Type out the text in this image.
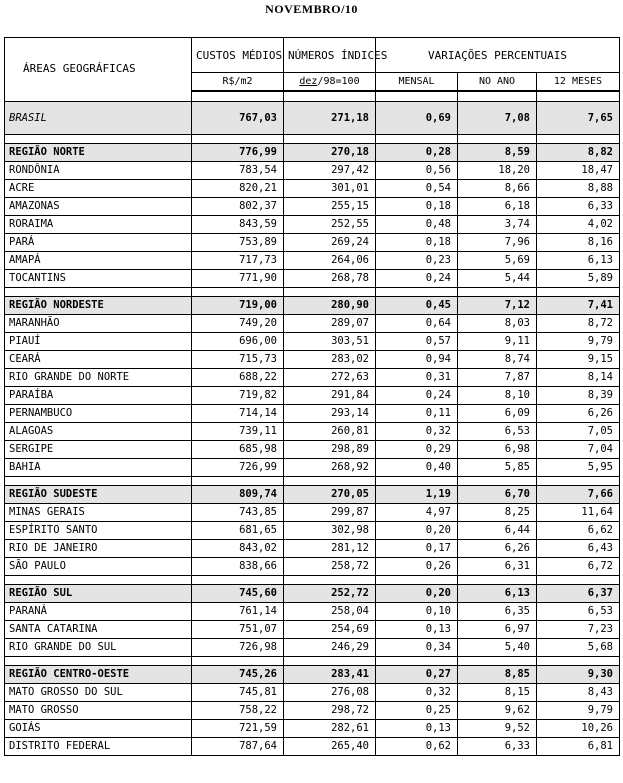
NOVEMBRO/10
ÁREAS GEOGRÁFICAS	CUSTOS MÉDIOS	NÚMEROS ÍNDICES	VARIAÇÕES PERCENTUAIS		
	R$/m2	dez/98=100	MENSAL	NO ANO	12 MESES

BRASIL	767,03	271,18	0,69	7,08	7,65

REGIÃO NORTE	776,99	270,18	0,28	8,59	8,82
RONDÔNIA	783,54	297,42	0,56	18,20	18,47
ACRE	820,21	301,01	0,54	8,66	8,88
AMAZONAS	802,37	255,15	0,18	6,18	6,33
RORAIMA	843,59	252,55	0,48	3,74	4,02
PARÁ	753,89	269,24	0,18	7,96	8,16
AMAPÁ	717,73	264,06	0,23	5,69	6,13
TOCANTINS	771,90	268,78	0,24	5,44	5,89

REGIÃO NORDESTE	719,00	280,90	0,45	7,12	7,41
MARANHÃO	749,20	289,07	0,64	8,03	8,72
PIAUÍ	696,00	303,51	0,57	9,11	9,79
CEARÁ	715,73	283,02	0,94	8,74	9,15
RIO GRANDE DO NORTE	688,22	272,63	0,31	7,87	8,14
PARAÍBA	719,82	291,84	0,24	8,10	8,39
PERNAMBUCO	714,14	293,14	0,11	6,09	6,26
ALAGOAS	739,11	260,81	0,32	6,53	7,05
SERGIPE	685,98	298,89	0,29	6,98	7,04
BAHIA	726,99	268,92	0,40	5,85	5,95

REGIÃO SUDESTE	809,74	270,05	1,19	6,70	7,66
MINAS GERAIS	743,85	299,87	4,97	8,25	11,64
ESPÍRITO SANTO	681,65	302,98	0,20	6,44	6,62
RIO DE JANEIRO	843,02	281,12	0,17	6,26	6,43
SÃO PAULO	838,66	258,72	0,26	6,31	6,72

REGIÃO SUL	745,60	252,72	0,20	6,13	6,37
PARANÁ	761,14	258,04	0,10	6,35	6,53
SANTA CATARINA	751,07	254,69	0,13	6,97	7,23
RIO GRANDE DO SUL	726,98	246,29	0,34	5,40	5,68

REGIÃO CENTRO-OESTE	745,26	283,41	0,27	8,85	9,30
MATO GROSSO DO SUL	745,81	276,08	0,32	8,15	8,43
MATO GROSSO	758,22	298,72	0,25	9,62	9,79
GOIÁS	721,59	282,61	0,13	9,52	10,26
DISTRITO FEDERAL	787,64	265,40	0,62	6,33	6,81
